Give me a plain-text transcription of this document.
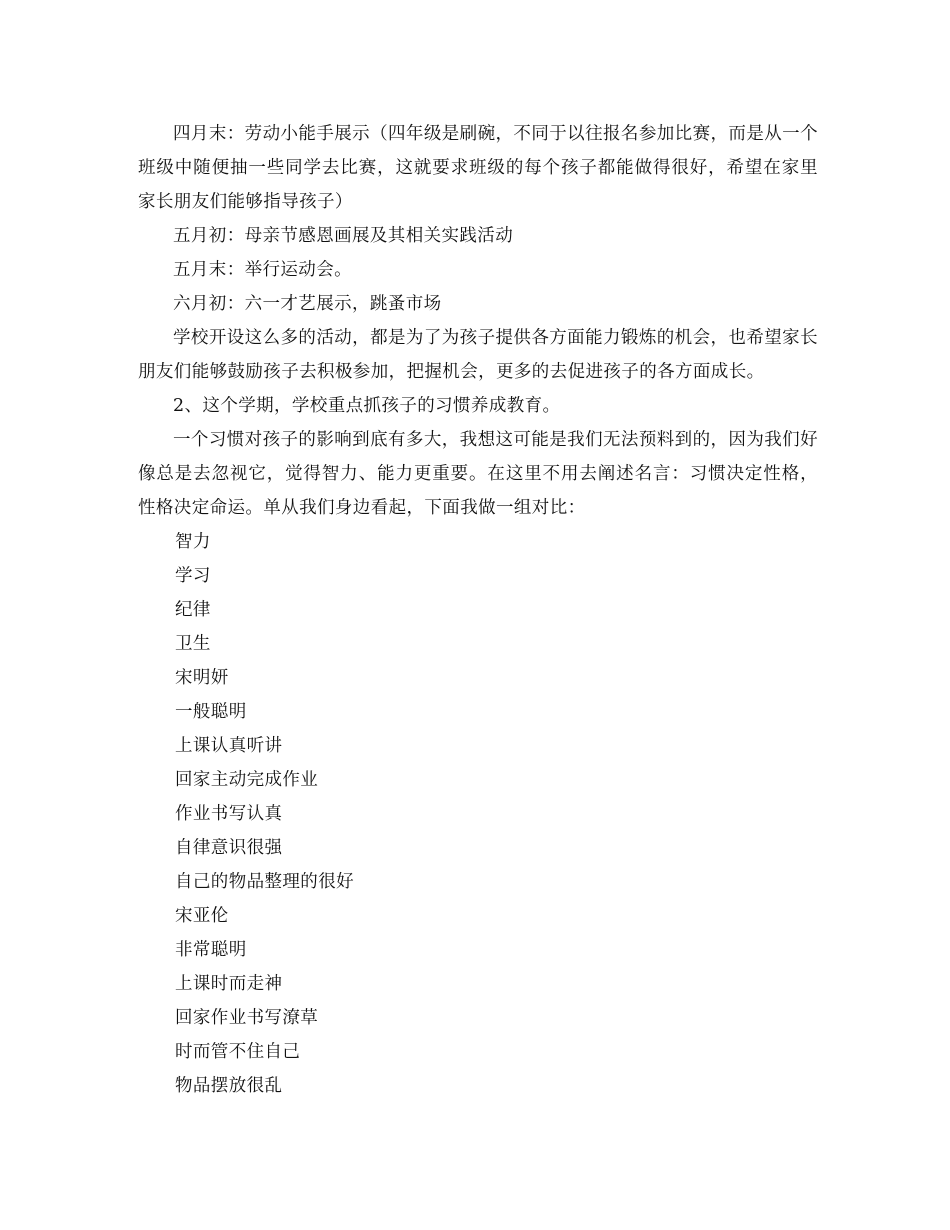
四月末：劳动小能手展示（四年级是刷碗，不同于以往报名参加比赛，而是从一个班级中随便抽一些同学去比赛，这就要求班级的每个孩子都能做得很好，希望在家里家长朋友们能够指导孩子）

五月初：母亲节感恩画展及其相关实践活动

五月末：举行运动会。

六月初：六一才艺展示，跳蚤市场

学校开设这么多的活动，都是为了为孩子提供各方面能力锻炼的机会，也希望家长朋友们能够鼓励孩子去积极参加，把握机会，更多的去促进孩子的各方面成长。

2、这个学期，学校重点抓孩子的习惯养成教育。

一个习惯对孩子的影响到底有多大，我想这可能是我们无法预料到的，因为我们好像总是去忽视它，觉得智力、能力更重要。在这里不用去阐述名言：习惯决定性格，性格决定命运。单从我们身边看起，下面我做一组对比：

智力
学习
纪律
卫生
宋明妍
一般聪明
上课认真听讲
回家主动完成作业
作业书写认真
自律意识很强
自己的物品整理的很好
宋亚伦
非常聪明
上课时而走神
回家作业书写潦草
时而管不住自己
物品摆放很乱
